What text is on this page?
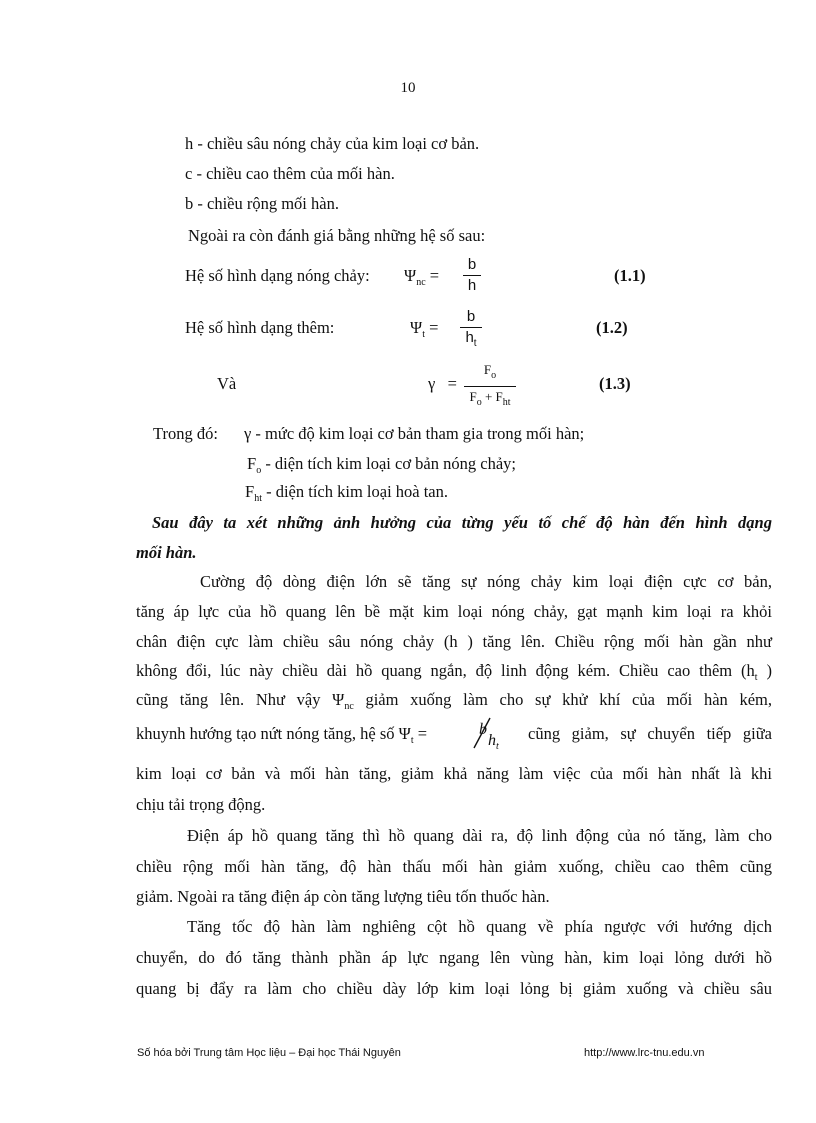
10
h - chiều sâu nóng chảy của kim loại cơ bản.
c - chiều cao thêm của mối hàn.
b - chiều rộng mối hàn.
Ngoài ra còn đánh giá bằng những hệ số sau:
Hệ số hình dạng nóng chảy: $\Psi_{nc}$ =
b
h
(1.1)
Hệ số hình dạng thêm:	$\Psi_t$ =
b
$h_t$
(1.2)
Và	γ =
$F_o$
$F_o + F_{ht}$
(1.3)
Trong đó: γ - mức độ kim loại cơ bản tham gia trong mối hàn;
$F_o$ - diện tích kim loại cơ bản nóng chảy;
$F_{ht}$ - diện tích kim loại hoà tan.
Sau đây ta xét những ảnh hưởng của từng yếu tố chế độ hàn đến hình dạng
mối hàn.
Cường độ dòng điện lớn sẽ tăng sự nóng chảy kim loại điện cực cơ bản,
tăng áp lực của hồ quang lên bề mặt kim loại nóng chảy, gạt mạnh kim loại ra khỏi
chân điện cực làm chiều sâu nóng chảy (h ) tăng lên. Chiều rộng mối hàn gần như
không đổi, lúc này chiều dài hồ quang ngắn, độ linh động kém. Chiều cao thêm ($h_t$ )
cũng tăng lên. Như vậy $\Psi_{nc}$ giảm xuống làm cho sự khử khí của mối hàn kém,
khuynh hướng tạo nứt nóng tăng, hệ số $\Psi_t$ =	b
$h_t$
cũng giảm, sự chuyển tiếp giữa
kim loại cơ bản và mối hàn tăng, giảm khả năng làm việc của mối hàn nhất là khi
chịu tải trọng động.
Điện áp hồ quang tăng thì hồ quang dài ra, độ linh động của nó tăng, làm cho
chiều rộng mối hàn tăng, độ hàn thấu mối hàn giảm xuống, chiều cao thêm cũng
giảm. Ngoài ra tăng điện áp còn tăng lượng tiêu tốn thuốc hàn.
Tăng tốc độ hàn làm nghiêng cột hồ quang về phía ngược với hướng dịch
chuyển, do đó tăng thành phần áp lực ngang lên vùng hàn, kim loại lỏng dưới hồ
quang bị đẩy ra làm cho chiều dày lớp kim loại lỏng bị giảm xuống và chiều sâu
Số hóa bởi Trung tâm Học liệu – Đại học Thái Nguyên	http://www.lrc-tnu.edu.vn
